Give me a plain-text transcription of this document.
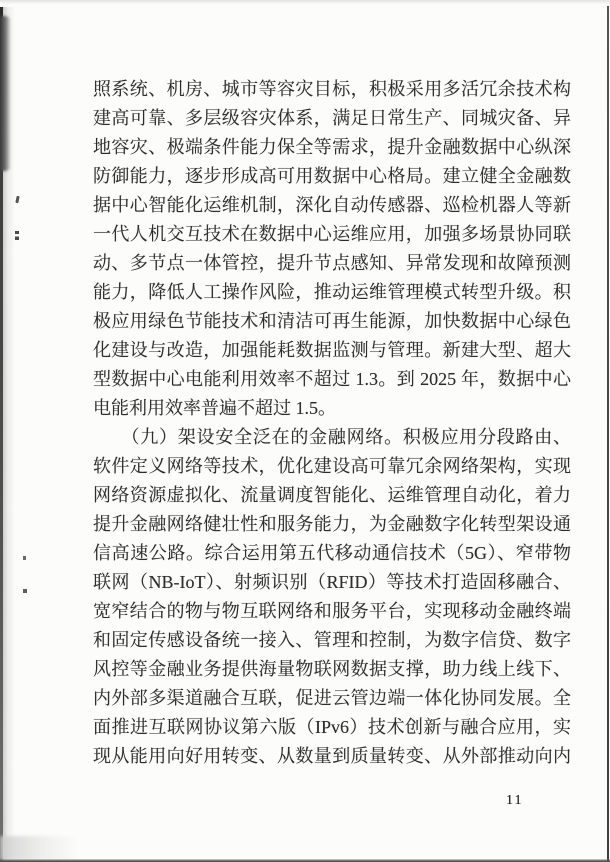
照系统、机房、城市等容灾目标，积极采用多活冗余技术构
建高可靠、多层级容灾体系，满足日常生产、同城灾备、异
地容灾、极端条件能力保全等需求，提升金融数据中心纵深
防御能力，逐步形成高可用数据中心格局。建立健全金融数
据中心智能化运维机制，深化自动传感器、巡检机器人等新
一代人机交互技术在数据中心运维应用，加强多场景协同联
动、多节点一体管控，提升节点感知、异常发现和故障预测
能力，降低人工操作风险，推动运维管理模式转型升级。积
极应用绿色节能技术和清洁可再生能源，加快数据中心绿色
化建设与改造，加强能耗数据监测与管理。新建大型、超大
型数据中心电能利用效率不超过 1.3。到 2025 年，数据中心
电能利用效率普遍不超过 1.5。
　　（九）架设安全泛在的金融网络。积极应用分段路由、
软件定义网络等技术，优化建设高可靠冗余网络架构，实现
网络资源虚拟化、流量调度智能化、运维管理自动化，着力
提升金融网络健壮性和服务能力，为金融数字化转型架设通
信高速公路。综合运用第五代移动通信技术（5G）、窄带物
联网（NB-IoT）、射频识别（RFID）等技术打造固移融合、
宽窄结合的物与物互联网络和服务平台，实现移动金融终端
和固定传感设备统一接入、管理和控制，为数字信贷、数字
风控等金融业务提供海量物联网数据支撑，助力线上线下、
内外部多渠道融合互联，促进云管边端一体化协同发展。全
面推进互联网协议第六版（IPv6）技术创新与融合应用，实
现从能用向好用转变、从数量到质量转变、从外部推动向内
11
